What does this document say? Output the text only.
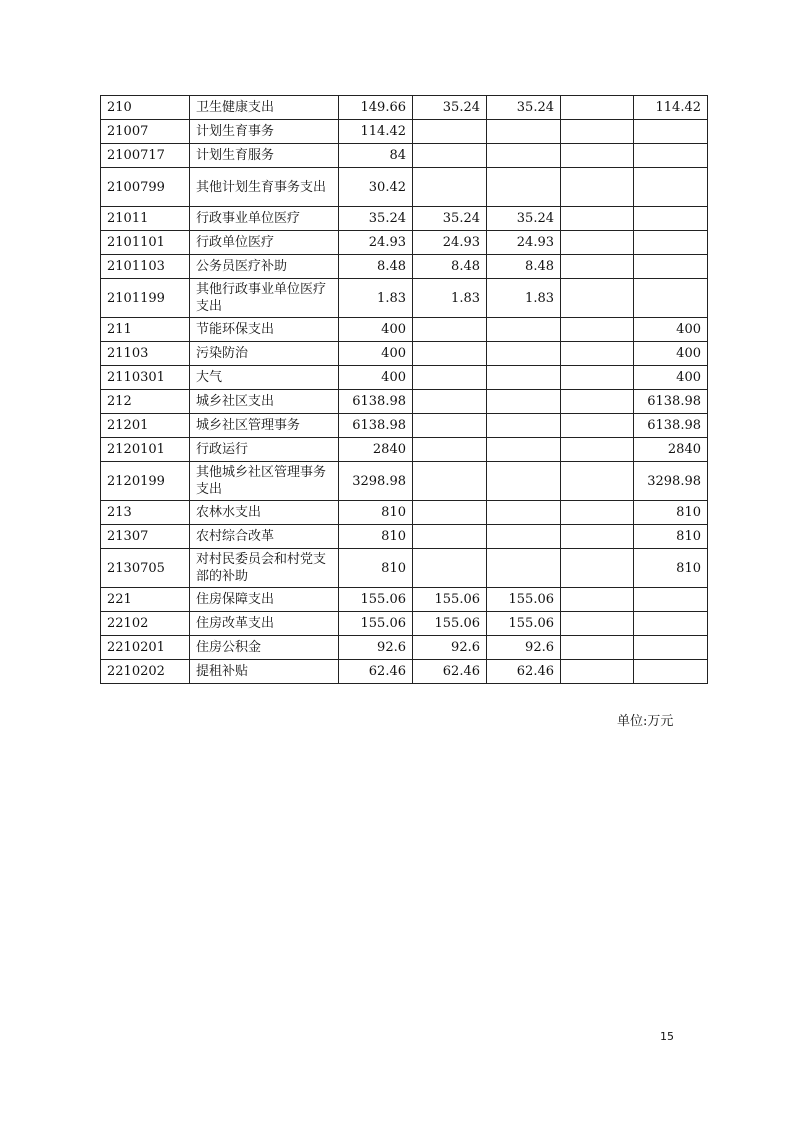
210	卫生健康支出	149.66	35.24	35.24		114.42
21007	计划生育事务	114.42				
2100717	计划生育服务	84				
2100799	其他计划生育事务支出	30.42				
21011	行政事业单位医疗	35.24	35.24	35.24		
2101101	行政单位医疗	24.93	24.93	24.93		
2101103	公务员医疗补助	8.48	8.48	8.48		
2101199	其他行政事业单位医疗支出	1.83	1.83	1.83		
211	节能环保支出	400				400
21103	污染防治	400				400
2110301	大气	400				400
212	城乡社区支出	6138.98				6138.98
21201	城乡社区管理事务	6138.98				6138.98
2120101	行政运行	2840				2840
2120199	其他城乡社区管理事务支出	3298.98				3298.98
213	农林水支出	810				810
21307	农村综合改革	810				810
2130705	对村民委员会和村党支部的补助	810				810
221	住房保障支出	155.06	155.06	155.06		
22102	住房改革支出	155.06	155.06	155.06		
2210201	住房公积金	92.6	92.6	92.6		
2210202	提租补贴	62.46	62.46	62.46		
单位:万元
15
